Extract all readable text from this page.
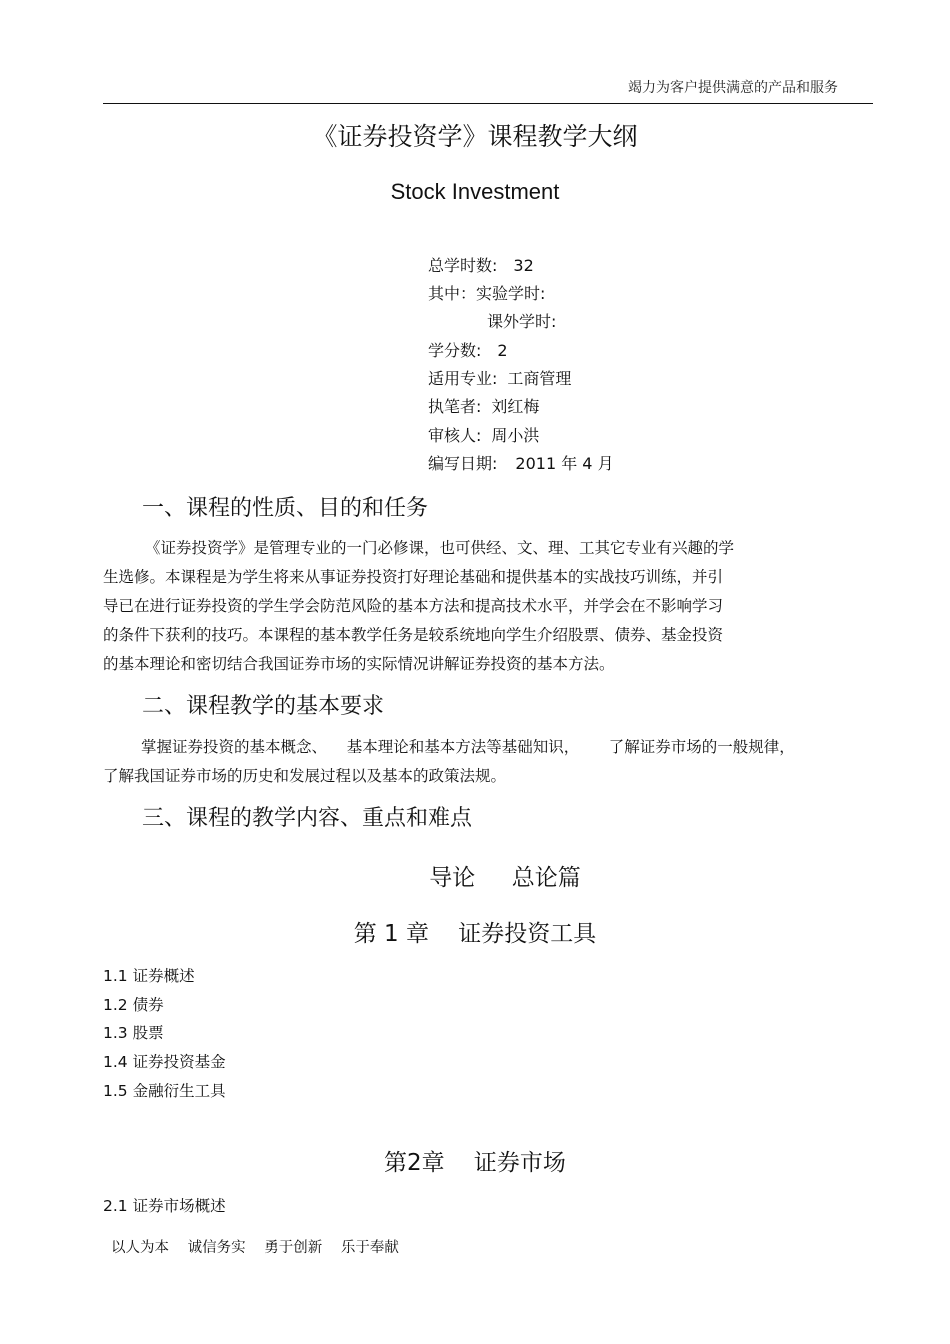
竭力为客户提供满意的产品和服务
《证券投资学》课程教学大纲
Stock Investment
总学时数: 32
其中：实验学时:
课外学时:
学分数: 2
适用专业: 工商管理
执笔者: 刘红梅
审核人: 周小洪
编写日期: 2011 年 4 月
一、课程的性质、目的和任务
《证券投资学》是管理专业的一门必修课，也可供经、文、理、工其它专业有兴趣的学
生选修。本课程是为学生将来从事证券投资打好理论基础和提供基本的实战技巧训练，并引
导已在进行证券投资的学生学会防范风险的基本方法和提高技术水平，并学会在不影响学习
的条件下获利的技巧。本课程的基本教学任务是较系统地向学生介绍股票、债券、基金投资
的基本理论和密切结合我国证券市场的实际情况讲解证券投资的基本方法。
二、课程教学的基本要求
掌握证券投资的基本概念、    基本理论和基本方法等基础知识，      了解证券市场的一般规律，
了解我国证券市场的历史和发展过程以及基本的政策法规。
三、课程的教学内容、重点和难点
导论     总论篇
第 1 章    证券投资工具
1.1 证券概述
1.2 债券
1.3 股票
1.4 证券投资基金
1.5 金融衍生工具
第2章    证券市场
2.1 证券市场概述
以人为本 诚信务实 勇于创新 乐于奉献
